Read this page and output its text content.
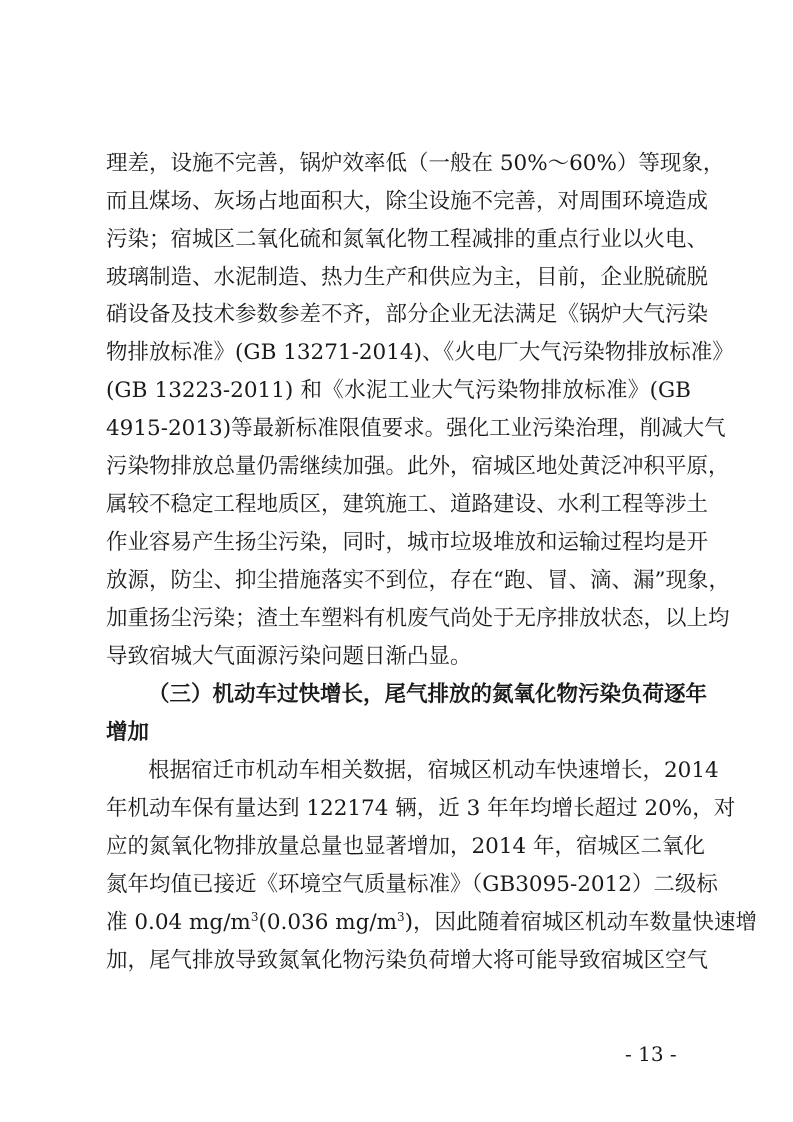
理差，设施不完善，锅炉效率低（一般在 50%～60%）等现象，
而且煤场、灰场占地面积大，除尘设施不完善，对周围环境造成
污染；宿城区二氧化硫和氮氧化物工程减排的重点行业以火电、
玻璃制造、水泥制造、热力生产和供应为主，目前，企业脱硫脱
硝设备及技术参数参差不齐，部分企业无法满足《锅炉大气污染
物排放标准》(GB 13271-2014)、《火电厂大气污染物排放标准》
(GB 13223-2011) 和《水泥工业大气污染物排放标准》(GB
4915-2013)等最新标准限值要求。强化工业污染治理，削减大气
污染物排放总量仍需继续加强。此外，宿城区地处黄泛冲积平原，
属较不稳定工程地质区，建筑施工、道路建设、水利工程等涉土
作业容易产生扬尘污染，同时，城市垃圾堆放和运输过程均是开
放源，防尘、抑尘措施落实不到位，存在“跑、冒、滴、漏”现象，
加重扬尘污染；渣土车塑料有机废气尚处于无序排放状态，以上均
导致宿城大气面源污染问题日渐凸显。
（三）机动车过快增长，尾气排放的氮氧化物污染负荷逐年
增加
根据宿迁市机动车相关数据，宿城区机动车快速增长，2014
年机动车保有量达到 122174 辆，近 3 年年均增长超过 20%，对
应的氮氧化物排放量总量也显著增加，2014 年，宿城区二氧化
氮年均值已接近《环境空气质量标准》（GB3095-2012）二级标
准 0.04 $mg/m^3(0.036$ $mg/m^3$)，因此随着宿城区机动车数量快速增
加，尾气排放导致氮氧化物污染负荷增大将可能导致宿城区空气
- 13 -
